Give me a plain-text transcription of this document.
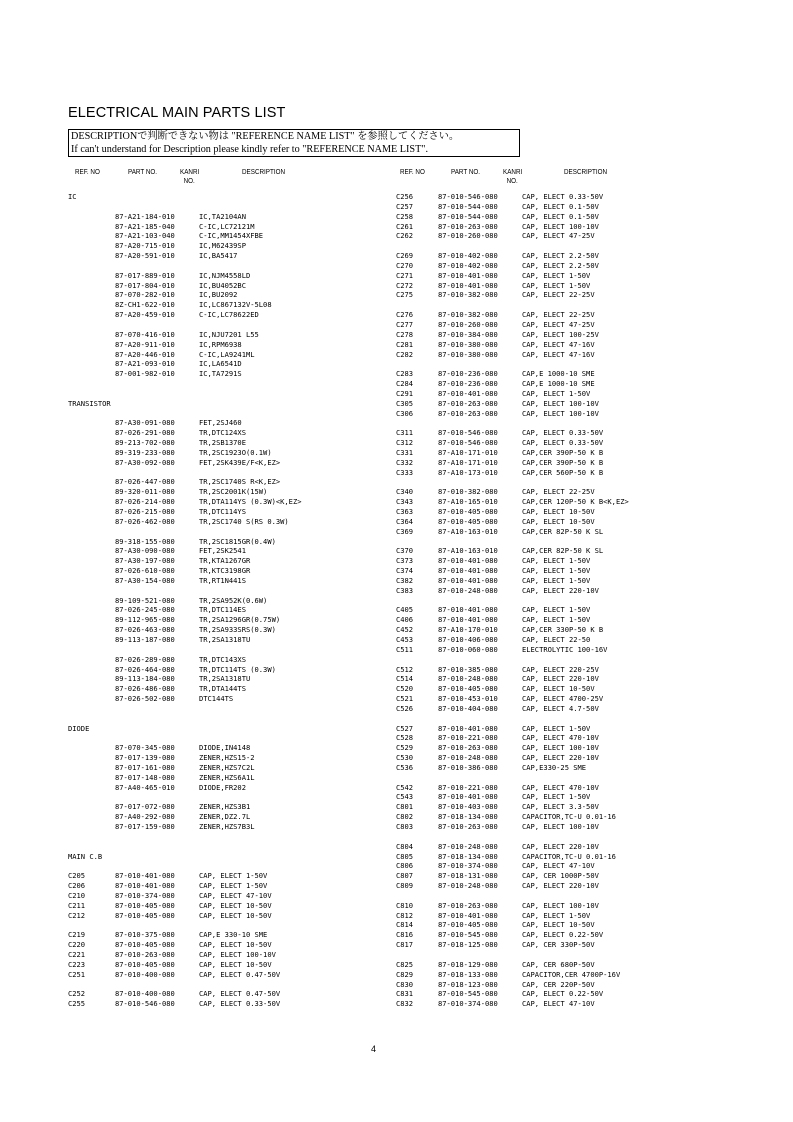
ELECTRICAL MAIN PARTS LIST
DESCRIPTIONで判断できない物は "REFERENCE NAME LIST" を参照してください。
If can't understand for Description please kindly refer to "REFERENCE NAME LIST".
REF. NO	PART NO.	KANRI
NO.
DESCRIPTION	REF. NO	PART NO.	KANRI
NO.
DESCRIPTION
IC
87-A21-184-010	IC,TA2104AN
87-A21-185-040	C-IC,LC72121M
87-A21-103-040	C-IC,MM1454XFBE
87-A20-715-010	IC,M62439SP
87-A20-591-010	IC,BA5417
87-017-889-010	IC,NJM4558LD
87-017-804-010	IC,BU4052BC
87-070-282-010	IC,BU2092
8Z-CH1-622-010	IC,LC867132V-5L08
87-A20-459-010	C-IC,LC78622ED
87-070-416-010	IC,NJU7201 L55
87-A20-911-010	IC,RPM6938
87-A20-446-010	C-IC,LA9241ML
87-A21-093-010	IC,LA6541D
87-001-982-010	IC,TA7291S
TRANSISTOR
87-A30-091-080	FET,2SJ460
87-026-291-080	TR,DTC124XS
89-213-702-080	TR,2SB1370E
89-319-233-080	TR,2SC1923O(0.1W)
87-A30-092-080	FET,2SK439E/F<K,EZ>
87-026-447-080	TR,2SC1740S R<K,EZ>
89-320-011-080	TR,2SC2001K(15W)
87-026-214-080	TR,DTA114YS (0.3W)<K,EZ>
87-026-215-080	TR,DTC114YS
87-026-462-080	TR,2SC1740 S(RS 0.3W)
89-318-155-080	TR,2SC1815GR(0.4W)
87-A30-090-080	FET,2SK2541
87-A30-197-080	TR,KTA1267GR
87-026-610-080	TR,KTC3198GR
87-A30-154-080	TR,RT1N441S
89-109-521-080	TR,2SA952K(0.6W)
87-026-245-080	TR,DTC114ES
89-112-965-080	TR,2SA1296GR(0.75W)
87-026-463-080	TR,2SA933SRS(0.3W)
89-113-187-080	TR,2SA1318TU
87-026-289-080	TR,DTC143XS
87-026-464-080	TR,DTC114TS (0.3W)
89-113-184-080	TR,2SA1318TU
87-026-486-080	TR,DTA144TS
87-026-502-080	DTC144TS
DIODE
87-070-345-080	DIODE,IN4148
87-017-139-080	ZENER,HZS15-2
87-017-161-080	ZENER,HZS7C2L
87-017-148-080	ZENER,HZS6A1L
87-A40-465-010	DIODE,FR202
87-017-072-080	ZENER,HZS3B1
87-A40-292-080	ZENER,DZ2.7L
87-017-159-080	ZENER,HZS7B3L
MAIN C.B
C205	87-010-401-080	CAP, ELECT 1-50V
C206	87-010-401-080	CAP, ELECT 1-50V
C210	87-010-374-080	CAP, ELECT 47-10V
C211	87-010-405-080	CAP, ELECT 10-50V
C212	87-010-405-080	CAP, ELECT 10-50V
C219	87-010-375-080	CAP,E 330-10 SME
C220	87-010-405-080	CAP, ELECT 10-50V
C221	87-010-263-080	CAP, ELECT 100-10V
C223	87-010-405-080	CAP, ELECT 10-50V
C251	87-010-400-080	CAP, ELECT 0.47-50V
C252	87-010-400-080	CAP, ELECT 0.47-50V
C255	87-010-546-080	CAP, ELECT 0.33-50V
C256	87-010-546-080	CAP, ELECT 0.33-50V
C257	87-010-544-080	CAP, ELECT 0.1-50V
C258	87-010-544-080	CAP, ELECT 0.1-50V
C261	87-010-263-080	CAP, ELECT 100-10V
C262	87-010-260-080	CAP, ELECT 47-25V
C269	87-010-402-080	CAP, ELECT 2.2-50V
C270	87-010-402-080	CAP, ELECT 2.2-50V
C271	87-010-401-080	CAP, ELECT 1-50V
C272	87-010-401-080	CAP, ELECT 1-50V
C275	87-010-382-080	CAP, ELECT 22-25V
C276	87-010-382-080	CAP, ELECT 22-25V
C277	87-010-260-080	CAP, ELECT 47-25V
C278	87-010-384-080	CAP, ELECT 100-25V
C281	87-010-380-080	CAP, ELECT 47-16V
C282	87-010-380-080	CAP, ELECT 47-16V
C283	87-010-236-080	CAP,E 1000-10 SME
C284	87-010-236-080	CAP,E 1000-10 SME
C291	87-010-401-080	CAP, ELECT 1-50V
C305	87-010-263-080	CAP, ELECT 100-10V
C306	87-010-263-080	CAP, ELECT 100-10V
C311	87-010-546-080	CAP, ELECT 0.33-50V
C312	87-010-546-080	CAP, ELECT 0.33-50V
C331	87-A10-171-010	CAP,CER 390P-50 K B
C332	87-A10-171-010	CAP,CER 390P-50 K B
C333	87-A10-173-010	CAP,CER 560P-50 K B
C340	87-010-382-080	CAP, ELECT 22-25V
C343	87-A10-165-010	CAP,CER 120P-50 K B<K,EZ>
C363	87-010-405-080	CAP, ELECT 10-50V
C364	87-010-405-080	CAP, ELECT 10-50V
C369	87-A10-163-010	CAP,CER 82P-50 K SL
C370	87-A10-163-010	CAP,CER 82P-50 K SL
C373	87-010-401-080	CAP, ELECT 1-50V
C374	87-010-401-080	CAP, ELECT 1-50V
C382	87-010-401-080	CAP, ELECT 1-50V
C383	87-010-248-080	CAP, ELECT 220-10V
C405	87-010-401-080	CAP, ELECT 1-50V
C406	87-010-401-080	CAP, ELECT 1-50V
C452	87-A10-170-010	CAP,CER 330P-50 K B
C453	87-010-406-080	CAP, ELECT 22-50
C511	87-010-060-080	ELECTROLYTIC 100-16V
C512	87-010-385-080	CAP, ELECT 220-25V
C514	87-010-248-080	CAP, ELECT 220-10V
C520	87-010-405-080	CAP, ELECT 10-50V
C521	87-010-453-010	CAP, ELECT 4700-25V
C526	87-010-404-080	CAP, ELECT 4.7-50V
C527	87-010-401-080	CAP, ELECT 1-50V
C528	87-010-221-080	CAP, ELECT 470-10V
C529	87-010-263-080	CAP, ELECT 100-10V
C530	87-010-248-080	CAP, ELECT 220-10V
C536	87-010-386-080	CAP,E330-25 SME
C542	87-010-221-080	CAP, ELECT 470-10V
C543	87-010-401-080	CAP, ELECT 1-50V
C801	87-010-403-080	CAP, ELECT 3.3-50V
C802	87-018-134-080	CAPACITOR,TC-U 0.01-16
C803	87-010-263-080	CAP, ELECT 100-10V
C804	87-010-248-080	CAP, ELECT 220-10V
C805	87-018-134-080	CAPACITOR,TC-U 0.01-16
C806	87-010-374-080	CAP, ELECT 47-10V
C807	87-018-131-080	CAP, CER 1000P-50V
C809	87-010-248-080	CAP, ELECT 220-10V
C810	87-010-263-080	CAP, ELECT 100-10V
C812	87-010-401-080	CAP, ELECT 1-50V
C814	87-010-405-080	CAP, ELECT 10-50V
C816	87-010-545-080	CAP, ELECT 0.22-50V
C817	87-018-125-080	CAP, CER 330P-50V
C825	87-018-129-080	CAP, CER 680P-50V
C829	87-018-133-080	CAPACITOR,CER 4700P-16V
C830	87-018-123-080	CAP, CER 220P-50V
C831	87-010-545-080	CAP, ELECT 0.22-50V
C832	87-010-374-080	CAP, ELECT 47-10V
4
